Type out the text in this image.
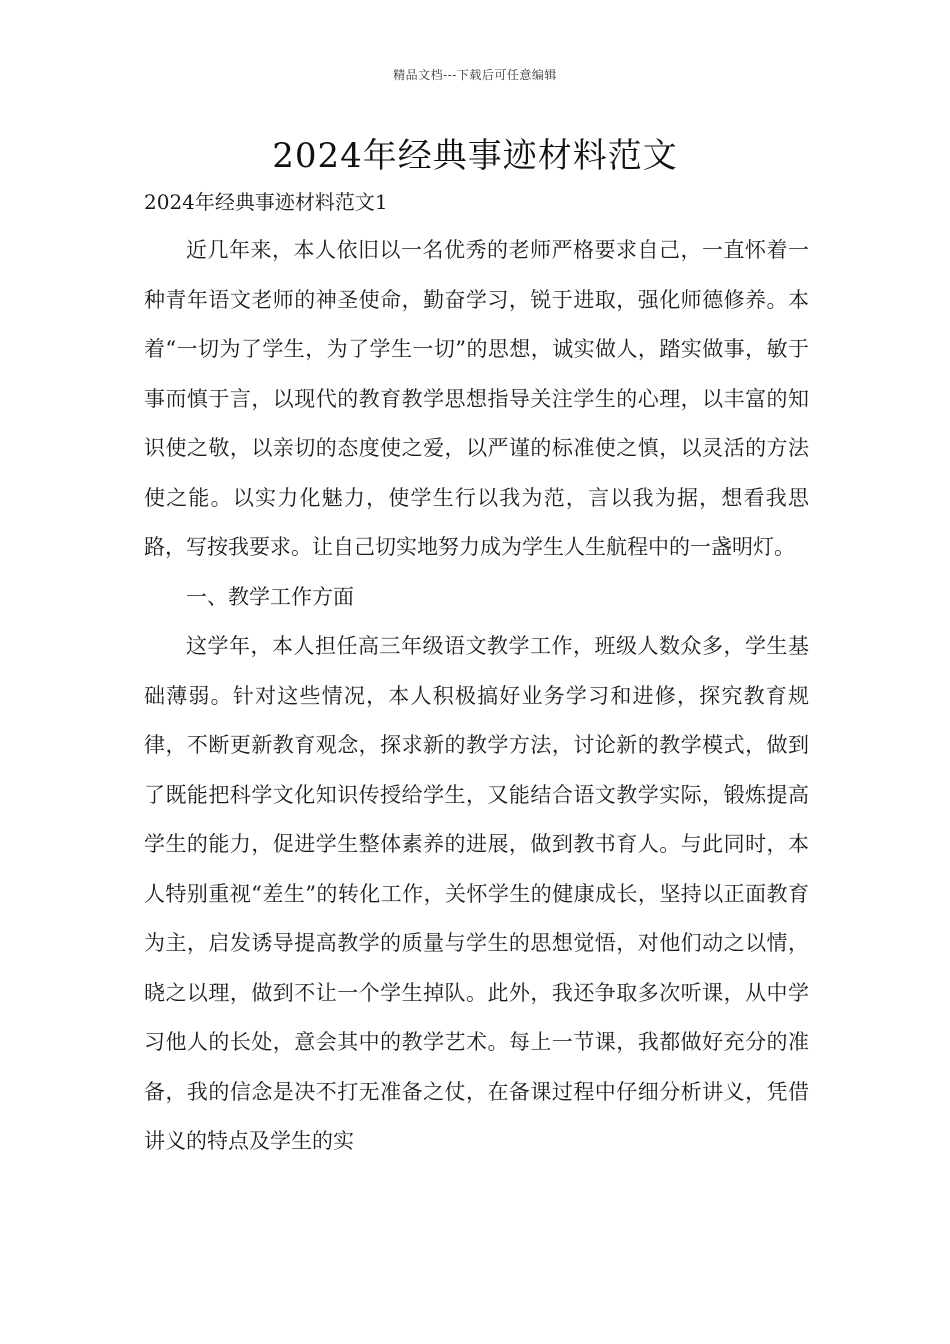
精品文档---下载后可任意编辑
2024年经典事迹材料范文
2024年经典事迹材料范文1

近几年来，本人依旧以一名优秀的老师严格要求自己，一直怀着一种青年语文老师的神圣使命，勤奋学习，锐于进取，强化师德修养。本着“一切为了学生，为了学生一切”的思想，诚实做人，踏实做事，敏于事而慎于言，以现代的教育教学思想指导关注学生的心理，以丰富的知识使之敬，以亲切的态度使之爱，以严谨的标准使之慎，以灵活的方法使之能。以实力化魅力，使学生行以我为范，言以我为据，想看我思路，写按我要求。让自己切实地努力成为学生人生航程中的一盏明灯。

一、教学工作方面

这学年，本人担任高三年级语文教学工作，班级人数众多，学生基础薄弱。针对这些情况，本人积极搞好业务学习和进修，探究教育规律，不断更新教育观念，探求新的教学方法，讨论新的教学模式，做到了既能把科学文化知识传授给学生，又能结合语文教学实际，锻炼提高学生的能力，促进学生整体素养的进展，做到教书育人。与此同时，本人特别重视“差生”的转化工作，关怀学生的健康成长，坚持以正面教育为主，启发诱导提高教学的质量与学生的思想觉悟，对他们动之以情，晓之以理，做到不让一个学生掉队。此外，我还争取多次听课，从中学习他人的长处，意会其中的教学艺术。每上一节课，我都做好充分的准备，我的信念是决不打无准备之仗，在备课过程中仔细分析讲义，凭借讲义的特点及学生的实
